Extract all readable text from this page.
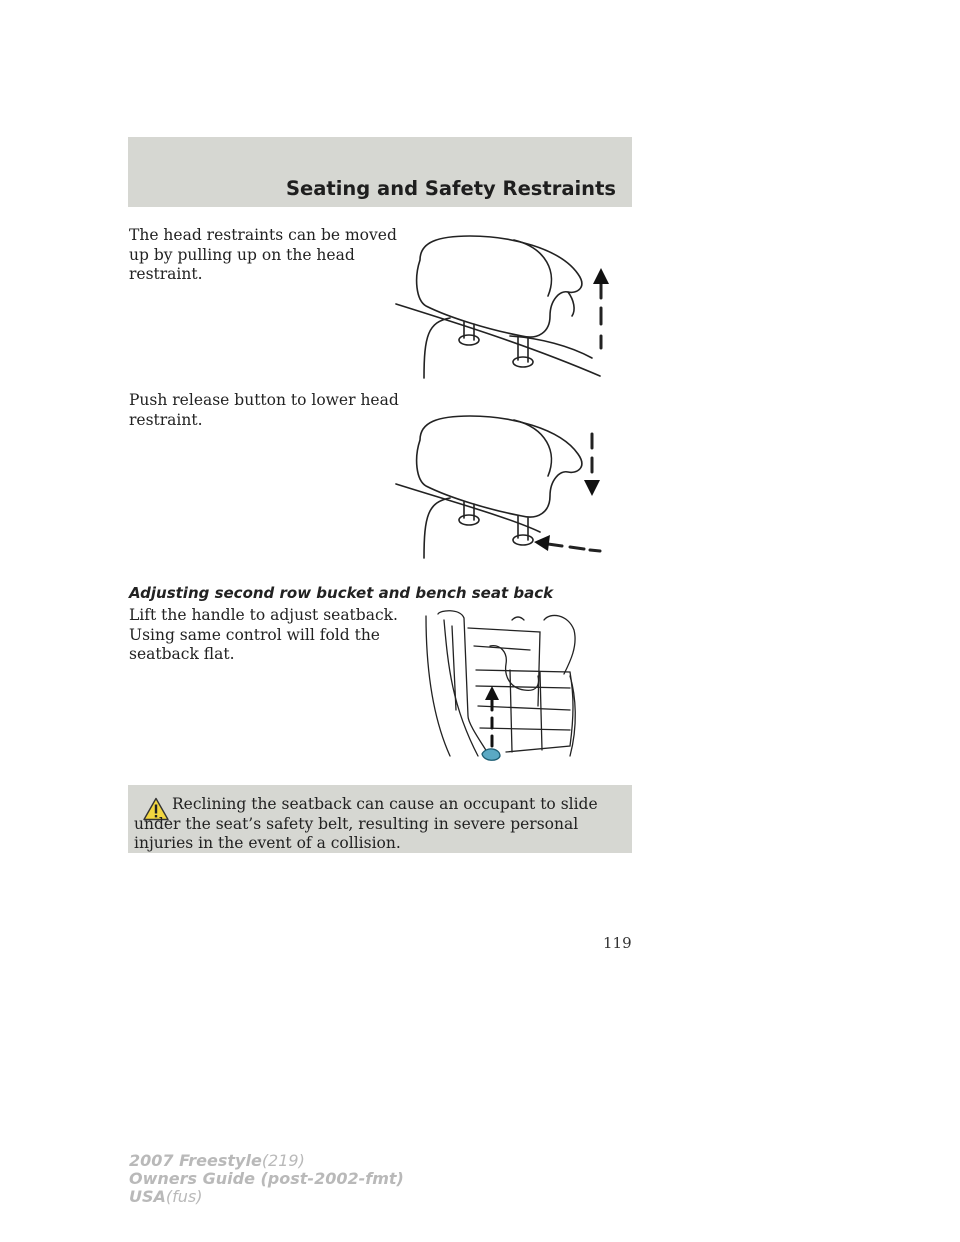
Seating and Safety Restraints

The head restraints can be moved up by pulling up on the head restraint.

Push release button to lower head restraint.

Adjusting second row bucket and bench seat back

Lift the handle to adjust seatback. Using same control will fold the seatback flat.

Reclining the seatback can cause an occupant to slide under the seat’s safety belt, resulting in severe personal injuries in the event of a collision.

119
2007 Freestyle(219)
Owners Guide (post-2002-fmt)
USA(fus)
